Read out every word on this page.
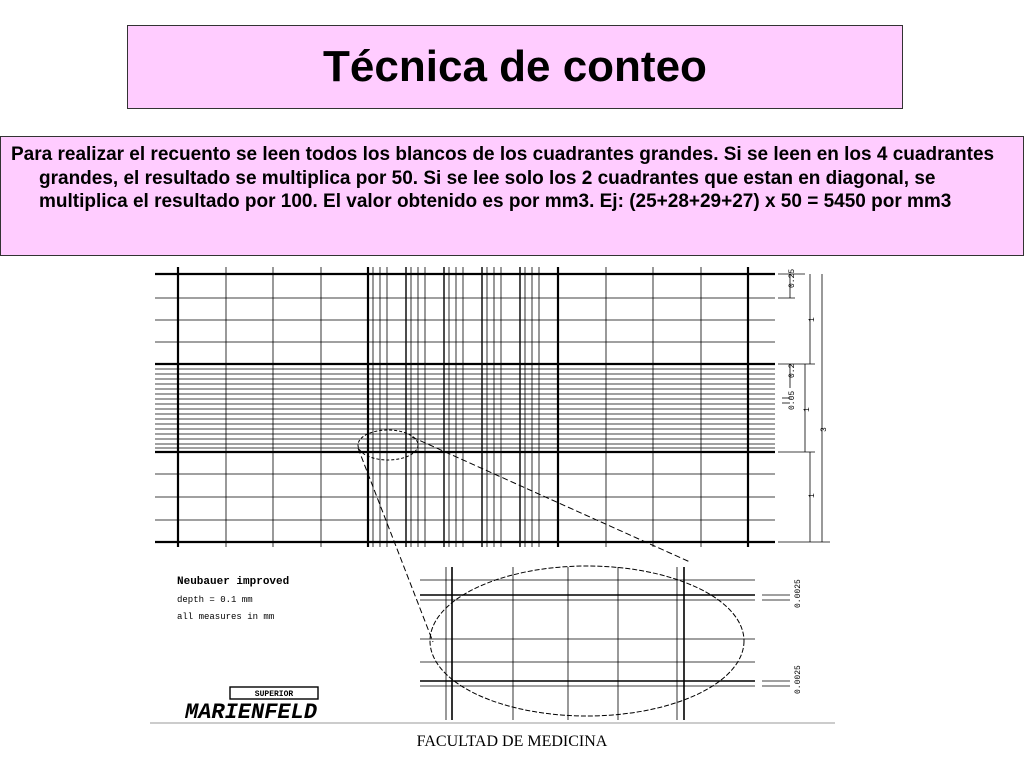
Técnica de conteo

Para realizar el recuento se leen todos los blancos de los cuadrantes grandes. Si se leen en los 4 cuadrantes grandes, el resultado se multiplica por 50. Si se lee solo los 2 cuadrantes que estan en diagonal, se multiplica el resultado por 100. El valor obtenido es por mm3. Ej: (25+28+29+27) x 50 = 5450 por mm3

0.25
0.2
0.05
1
1
1
3
0.0025
0.0025
Neubauer improved
depth = 0.1 mm
all measures in mm
SUPERIOR
MARIENFELD
FACULTAD DE MEDICINA
